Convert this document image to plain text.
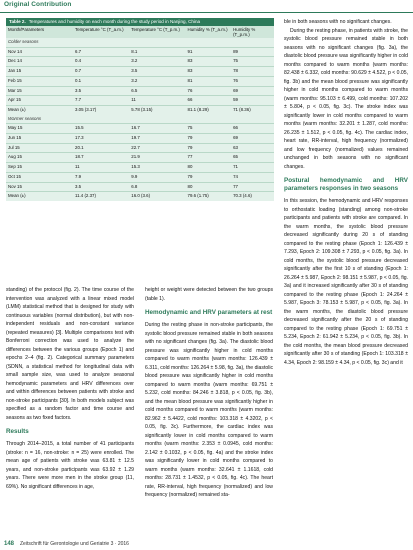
Original Contribution
Table 2. Temperatures and humidity on each month during the study period in Nanjing, China
Month/Parameters	Temperature °C (T_a.m.)	Temperature °C (T_p.m.)	Humidity % (T_a.m.)	Humidity % (T_p.m.)
Colder seasons				
Nov 14	6.7	8.1	91	89
Dec 14	0.4	3.2	83	75
Jan 15	0.7	3.5	83	78
Feb 15	0.1	3.2	81	76
Mar 15	3.5	6.5	76	69
Apr 15	7.7	11	66	59
Mean (±)	3.05 (3.17)	5.78 (3.15)	81.1 (8.29)	71 (8.36)
Warmer seasons				
May 15	15.5	16.7	75	66
Jun 15	17.3	19.7	79	69
Jul 15	20.1	22.7	79	63
Aug 15	18.7	21.9	77	65
Sep 15	11	15.3	80	71
Oct 15	7.9	9.9	79	74
Nov 15	3.5	6.8	80	77
Mean (±)	11.4 (2.37)	16.0 (3.6)	79.6 (1.75)	70.3 (4.6)

standing) of the protocol (fig. 2). The time course of the intervention was analyzed with a linear mixed model (LMM) statistical method that is designed for study with continuous variables (normal distribution), but with non-independent residuals and non-constant variance (repeated measures) [3]. Multiple comparisons test with Bonferroni correction was used to analyze the differences between the various groups (Epoch 1) and epochs 2–4 (fig. 2). Categorical summary parameters (SDNN, a statistical method for longitudinal data with small sample size, was used to analyze seasonal hemodynamic parameters and HRV differences over and within differences between patients with stroke and non-stroke participants [30]. In both models subject was specified as a random factor and time course and seasons as two fixed factors.

Results

Through 2014–2015, a total number of 41 participants (stroke: n = 16, non-stroke: n = 25) were enrolled. The mean age of patients with stroke was 63.81 ± 12.5 years, and non-stroke participants was 63.92 ± 1.29 years. There were more men in the stroke group (11, 69%). No significant differences in age,

height or weight were detected between the two groups (table 1).

Hemodynamic and HRV parameters at rest

During the resting phase in non-stroke participants, the systolic blood pressure remained stable in both seasons with no significant changes (fig. 3a). The diastolic blood pressure was significantly higher in cold months compared to warm months (warm months: 126.439 ± 6.311, cold months: 126.264 ± 5.98, fig. 3a), the diastolic blood pressure was significantly higher in cold months compared to warm months (warm months: 69.751 ± 5.232, cold months: 84.246 ± 3.818, p < 0.05, fig. 3b), and the mean blood pressure was significantly higher in cold months compared to warm months (warm months: 82.962 ± 5.4422, cold months: 103.318 ± 4.3202, p < 0.05, fig. 3c). Furthermore, the cardiac index was significantly lower in cold months compared to warm months (warm months: 2.353 ± 0.0945, cold months: 2.142 ± 0.1032, p < 0.05, fig. 4a) and the stroke index was significantly lower in cold months compared to warm months (warm months: 32.641 ± 1.1618, cold months: 28.731 ± 1.4532, p < 0.05, fig. 4c). The heart rate, RR-interval, high frequency (normalized) and low frequency (normalized) remained sta-

ble in both seasons with no significant changes.

During the resting phase, in patients with stroke, the systolic blood pressure remained stable in both seasons with no significant changes (fig. 3a), the diastolic blood pressure was significantly higher in cold months compared to warm months (warm months: 82.438 ± 6.332, cold months: 90.629 ± 4.522, p < 0.05, fig. 3b) and the mean blood pressure was significantly higher in cold months compared to warm months (warm months: 95.103 ± 6.499, cold months: 107.202 ± 5.804, p < 0.05, fig. 3c). The stroke index was significantly lower in cold months compared to warm months (warm months: 32.201 ± 1.287, cold months: 26.235 ± 1.512, p < 0.05, fig. 4c). The cardiac index, heart rate, RR-interval, high frequency (normalized) and low frequency (normalized) values remained unchanged in both seasons with no significant changes.

Postural hemodynamic and HRV parameters responses in two seasons

In this session, the hemodynamic and HRV responses to orthostatic loading (standing) among non-stroke participants and patients with stroke are compared. In the warm months, the systolic blood pressure decreased significantly during 20 s of standing compared to the resting phase (Epoch 1: 126.439 ± 7.293, Epoch 2: 109.308 ± 7.293, p < 0.05, fig. 3a). In cold months, the systolic blood pressure decreased significantly after the first 10 s of standing (Epoch 1: 26.264 ± 5.987, Epoch 2: 98.151 ± 5.987, p < 0.05, fig. 3a) and it increased significantly after 30 s of standing compared to the resting phase (Epoch 1: 24.264 ± 5.987, Epoch 3: 78.153 ± 5.987, p < 0.05, fig. 3a). In the warm months, the diastolic blood pressure decreased significantly after the 20 s of standing compared to the resting phase (Epoch 1: 69.751 ± 5.234, Epoch 2: 61.942 ± 5.234, p < 0.05, fig. 3b). In the cold months, the mean blood pressure decreased significantly after 30 s of standing (Epoch 1: 103.318 ± 4.34, Epoch 2: 98.159 ± 4.34, p < 0.05, fig. 3c) and it

148 Zeitschrift für Gerontologie und Geriatrie 3 · 2016
